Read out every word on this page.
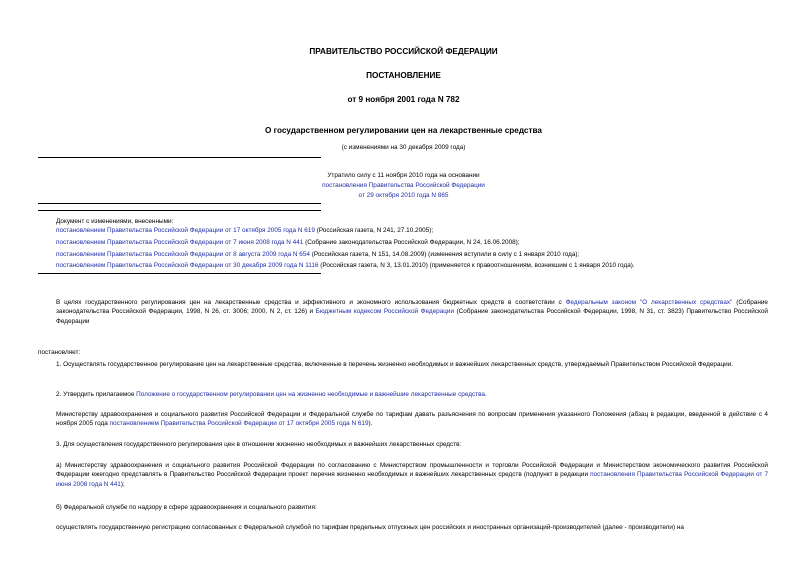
ПРАВИТЕЛЬСТВО РОССИЙСКОЙ ФЕДЕРАЦИИ
ПОСТАНОВЛЕНИЕ
от 9 ноября 2001 года N 782
О государственном регулировании цен на лекарственные средства
(с изменениями на 30 декабря 2009 года)
Утратило силу с 11 ноября 2010 года на основании
постановления Правительства Российской Федерации
от 29 октября 2010 года N 865
Документ с изменениями, внесенными:
постановлением Правительства Российской Федерации от 17 октября 2005 года N 619 (Российская газета, N 241, 27.10.2005);
постановлением Правительства Российской Федерации от 7 июня 2008 года N 441 (Собрание законодательства Российской Федерации, N 24, 16.06.2008);
постановлением Правительства Российской Федерации от 8 августа 2009 года N 654 (Российская газета, N 151, 14.08.2009) (изменения вступили в силу с 1 января 2010 года);
постановлением Правительства Российской Федерации от 30 декабря 2009 года N 1116 (Российская газета, N 3, 13.01.2010) (применяется к правоотношениям, возникшим с 1 января 2010 года).
В целях государственного регулирования цен на лекарственные средства и эффективного и экономного использования бюджетных средств в соответствии с Федеральным законом "О лекарственных средствах" (Собрание законодательства Российской Федерации, 1998, N 26, ст. 3006; 2000, N 2, ст. 126) и Бюджетным кодексом Российской Федерации (Собрание законодательства Российской Федерации, 1998, N 31, ст. 3823) Правительство Российской Федерации
постановляет:
1. Осуществлять государственное регулирование цен на лекарственные средства, включенные в перечень жизненно необходимых и важнейших лекарственных средств, утверждаемый Правительством Российской Федерации.
2. Утвердить прилагаемое Положение о государственном регулировании цен на жизненно необходимые и важнейшие лекарственные средства.
Министерству здравоохранения и социального развития Российской Федерации и Федеральной службе по тарифам давать разъяснения по вопросам применения указанного Положения (абзац в редакции, введенной в действие с 4 ноября 2005 года постановлением Правительства Российской Федерации от 17 октября 2005 года N 619).
3. Для осуществления государственного регулирования цен в отношении жизненно необходимых и важнейших лекарственных средств:
а) Министерству здравоохранения и социального развития Российской Федерации по согласованию с Министерством промышленности и торговли Российской Федерации и Министерством экономического развития Российской Федерации ежегодно представлять в Правительство Российской Федерации проект перечня жизненно необходимых и важнейших лекарственных средств (подпункт в редакции постановления Правительства Российской Федерации от 7 июня 2008 года N 441);
б) Федеральной службе по надзору в сфере здравоохранения и социального развития:
осуществлять государственную регистрацию согласованных с Федеральной службой по тарифам предельных отпускных цен российских и иностранных организаций-производителей (далее - производители) на
